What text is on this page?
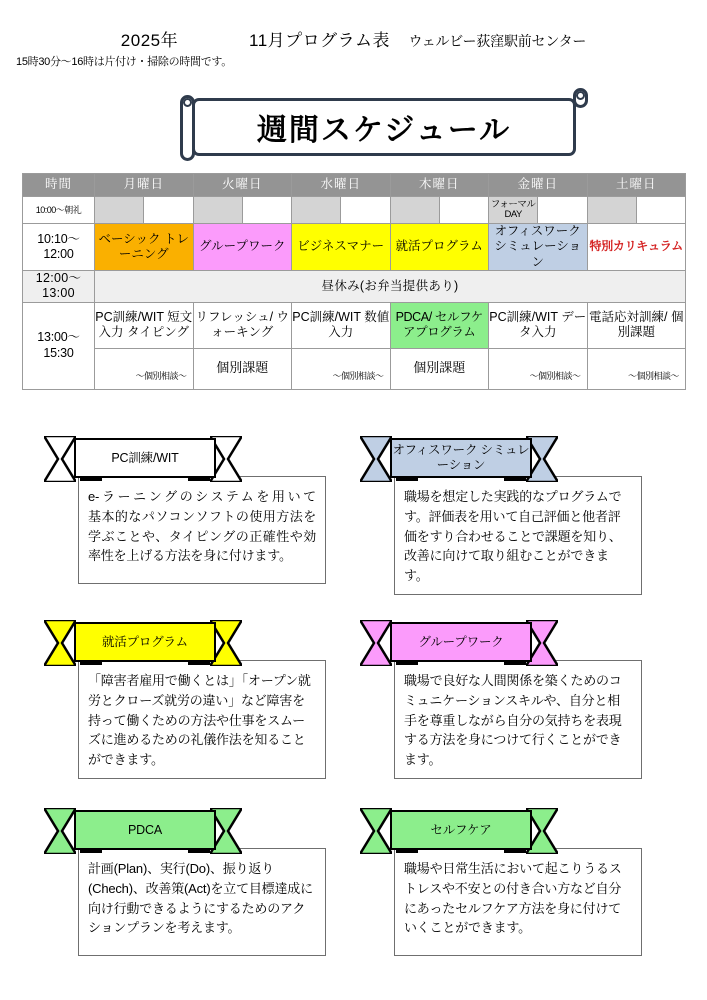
2025年	11月プログラム表 ウェルビー荻窪駅前センター
15時30分～16時は片付け・掃除の時間です。
週間スケジュール
時間	月曜日	火曜日	水曜日	木曜日	金曜日	土曜日
10:00～朝礼					フォーマル DAY	

10:10～
12:00	ベーシック トレーニング	グループワーク	ビジネスマナー	就活プログラム	オフィスワーク シミュレーション	特別カリキュラム

12:00～
13:00	昼休み(お弁当提供あり)					

13:00～
15:30	PC訓練/WIT 短文入力 タイピング	リフレッシュ/ ウォーキング	PC訓練/WIT 数値入力	PDCA/ セルフケアプログラム	PC訓練/WIT データ入力	電話応対訓練/ 個別課題

	～個別相談～	個別課題	～個別相談～	個別課題	～個別相談～	～個別相談～
PC訓練/WIT

e-ラーニングのシステムを用いて　　　　基本的なパソコンソフトの使用方法を学ぶことや、タイピングの正確性や効率性を上げる方法を身に付けます。

オフィスワーク シミュレーション

職場を想定した実践的なプログラムです。評価表を用いて自己評価と他者評価をすり合わせることで課題を知り、改善に向けて取り組むことができます。

就活プログラム

「障害者雇用で働くとは」「オープン就労とクローズ就労の違い」など障害を持って働くための方法や仕事をスムーズに進めるための礼儀作法を知ることができます。

グループワーク

職場で良好な人間関係を築くためのコミュニケーションスキルや、自分と相手を尊重しながら自分の気持ちを表現する方法を身につけて行くことができます。

PDCA

計画(Plan)、実行(Do)、振り返り(Chech)、改善策(Act)を立て目標達成に向け行動できるようにするためのアクションプランを考えます。

セルフケア

職場や日常生活において起こりうるストレスや不安との付き合い方など自分にあったセルフケア方法を身に付けていくことができます。
